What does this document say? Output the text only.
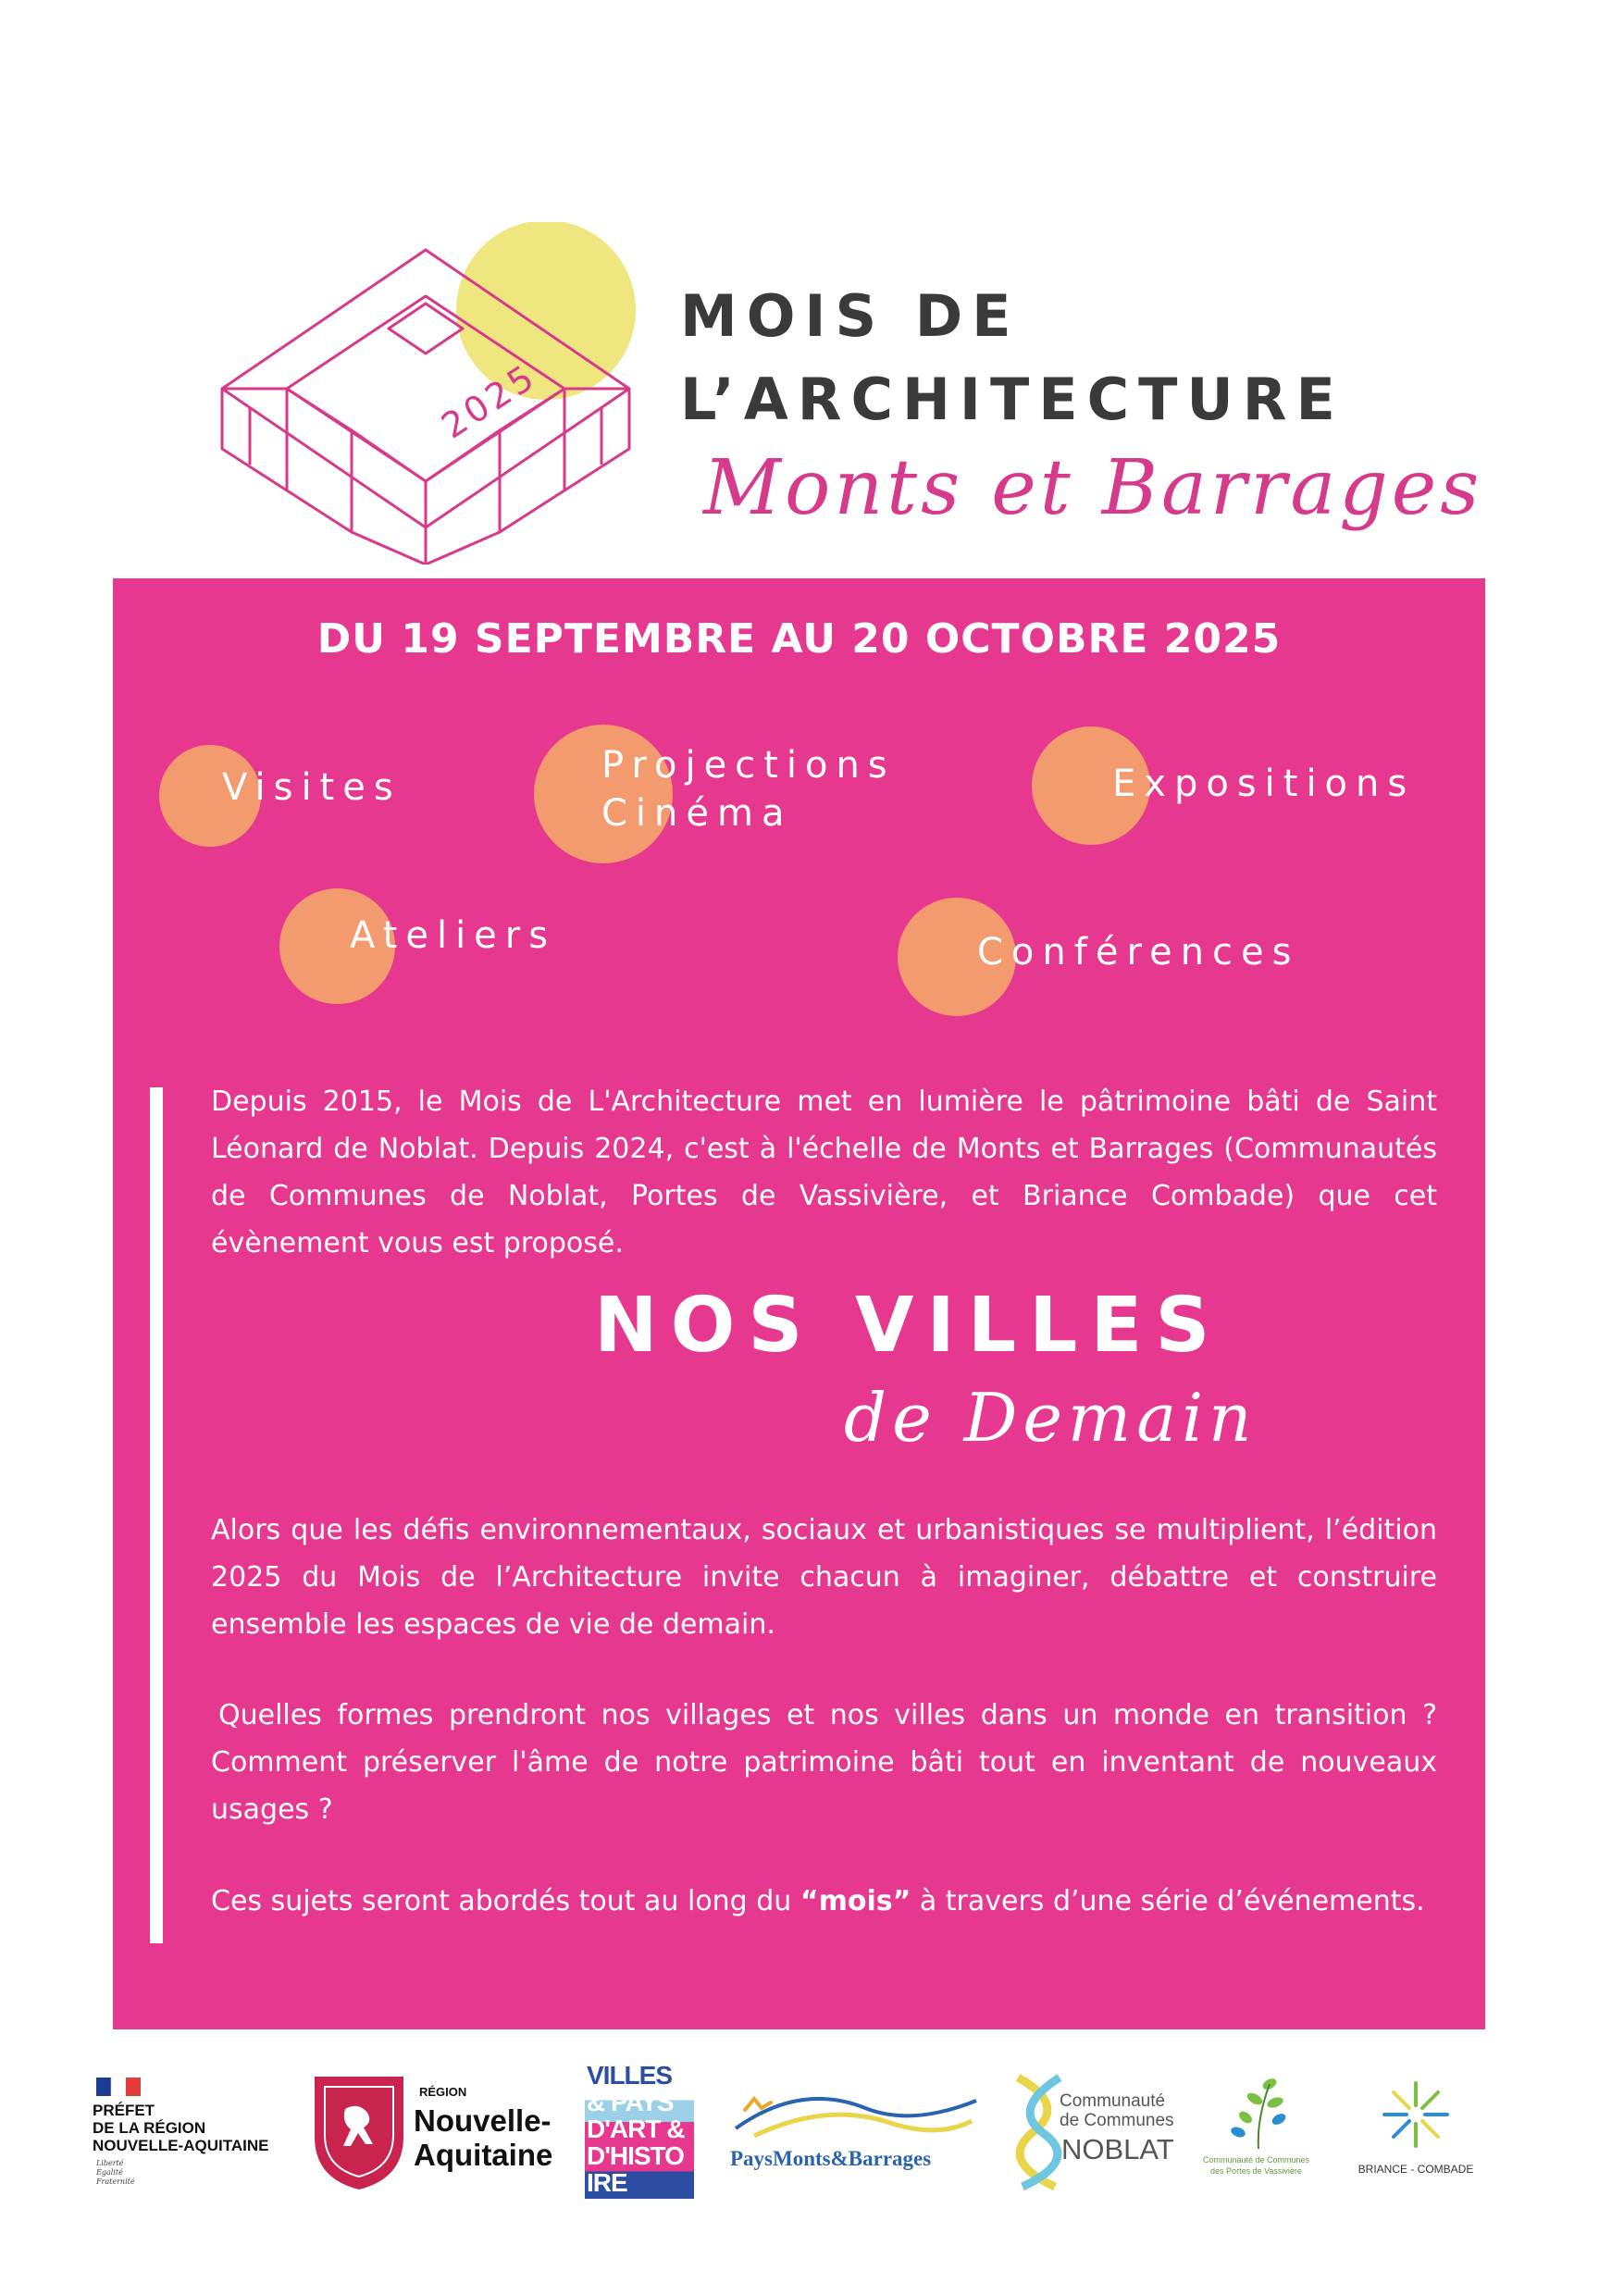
2025
MOIS DE
L’ARCHITECTURE
Monts et Barrages
DU 19 SEPTEMBRE AU 20 OCTOBRE 2025
Visites
Projections
Cinéma
Expositions
Ateliers	Conférences

Depuis 2015, le Mois de L'Architecture met en lumière le pâtrimoine bâti de Saint Léonard de Noblat. Depuis 2024, c'est à l'échelle de Monts et Barrages (Communautés de Communes de Noblat, Portes de Vassivière, et Briance Combade) que cet évènement vous est proposé.

NOS VILLES
de Demain

Alors que les défis environnementaux, sociaux et urbanistiques se multiplient, l’édition 2025 du Mois de l’Architecture invite chacun à imaginer, débattre et construire ensemble les espaces de vie de demain.

Quelles formes prendront nos villages et nos villes dans un monde en transition ? Comment préserver l'âme de notre patrimoine bâti tout en inventant de nouveaux usages ?

Ces sujets seront abordés tout au long du “mois” à travers d’une série d’événements.

PRÉFET
DE LA RÉGION
NOUVELLE-AQUITAINE
Liberté
Égalité
Fraternité
RÉGION
Nouvelle-
Aquitaine
VILLES
& PAYS
D'ART &
D'HISTO
IRE
PaysMonts&Barrages
Communauté
de Communes
NOBLAT	Communauté de Communes
des Portes de Vassivière	BRIANCE - COMBADE
